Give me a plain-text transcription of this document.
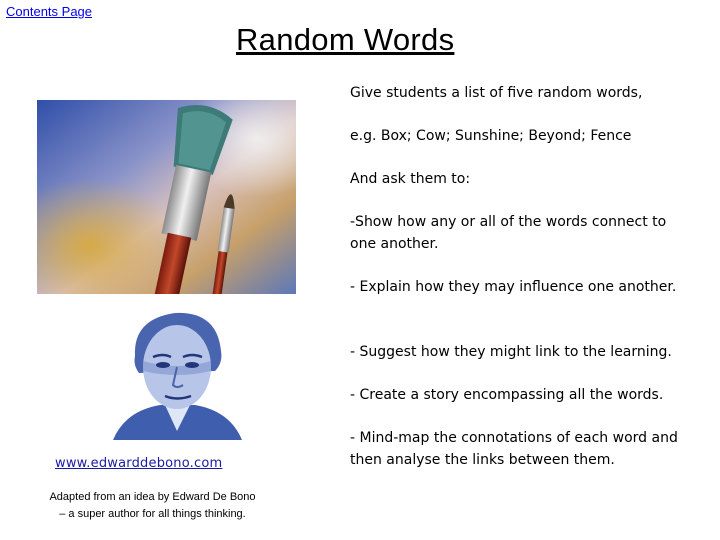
Contents Page
Random Words
Give students a list of five random words,
e.g. Box; Cow; Sunshine; Beyond; Fence
And ask them to:
-Show how any or all of the words connect to one another.
- Explain how they may influence one another.
- Suggest how they might link to the learning.
- Create a story encompassing all the words.
- Mind-map the connotations of each word and then analyse the links between them.
www.edwarddebono.com
Adapted from an idea by Edward De Bono
– a super author for all things thinking.
